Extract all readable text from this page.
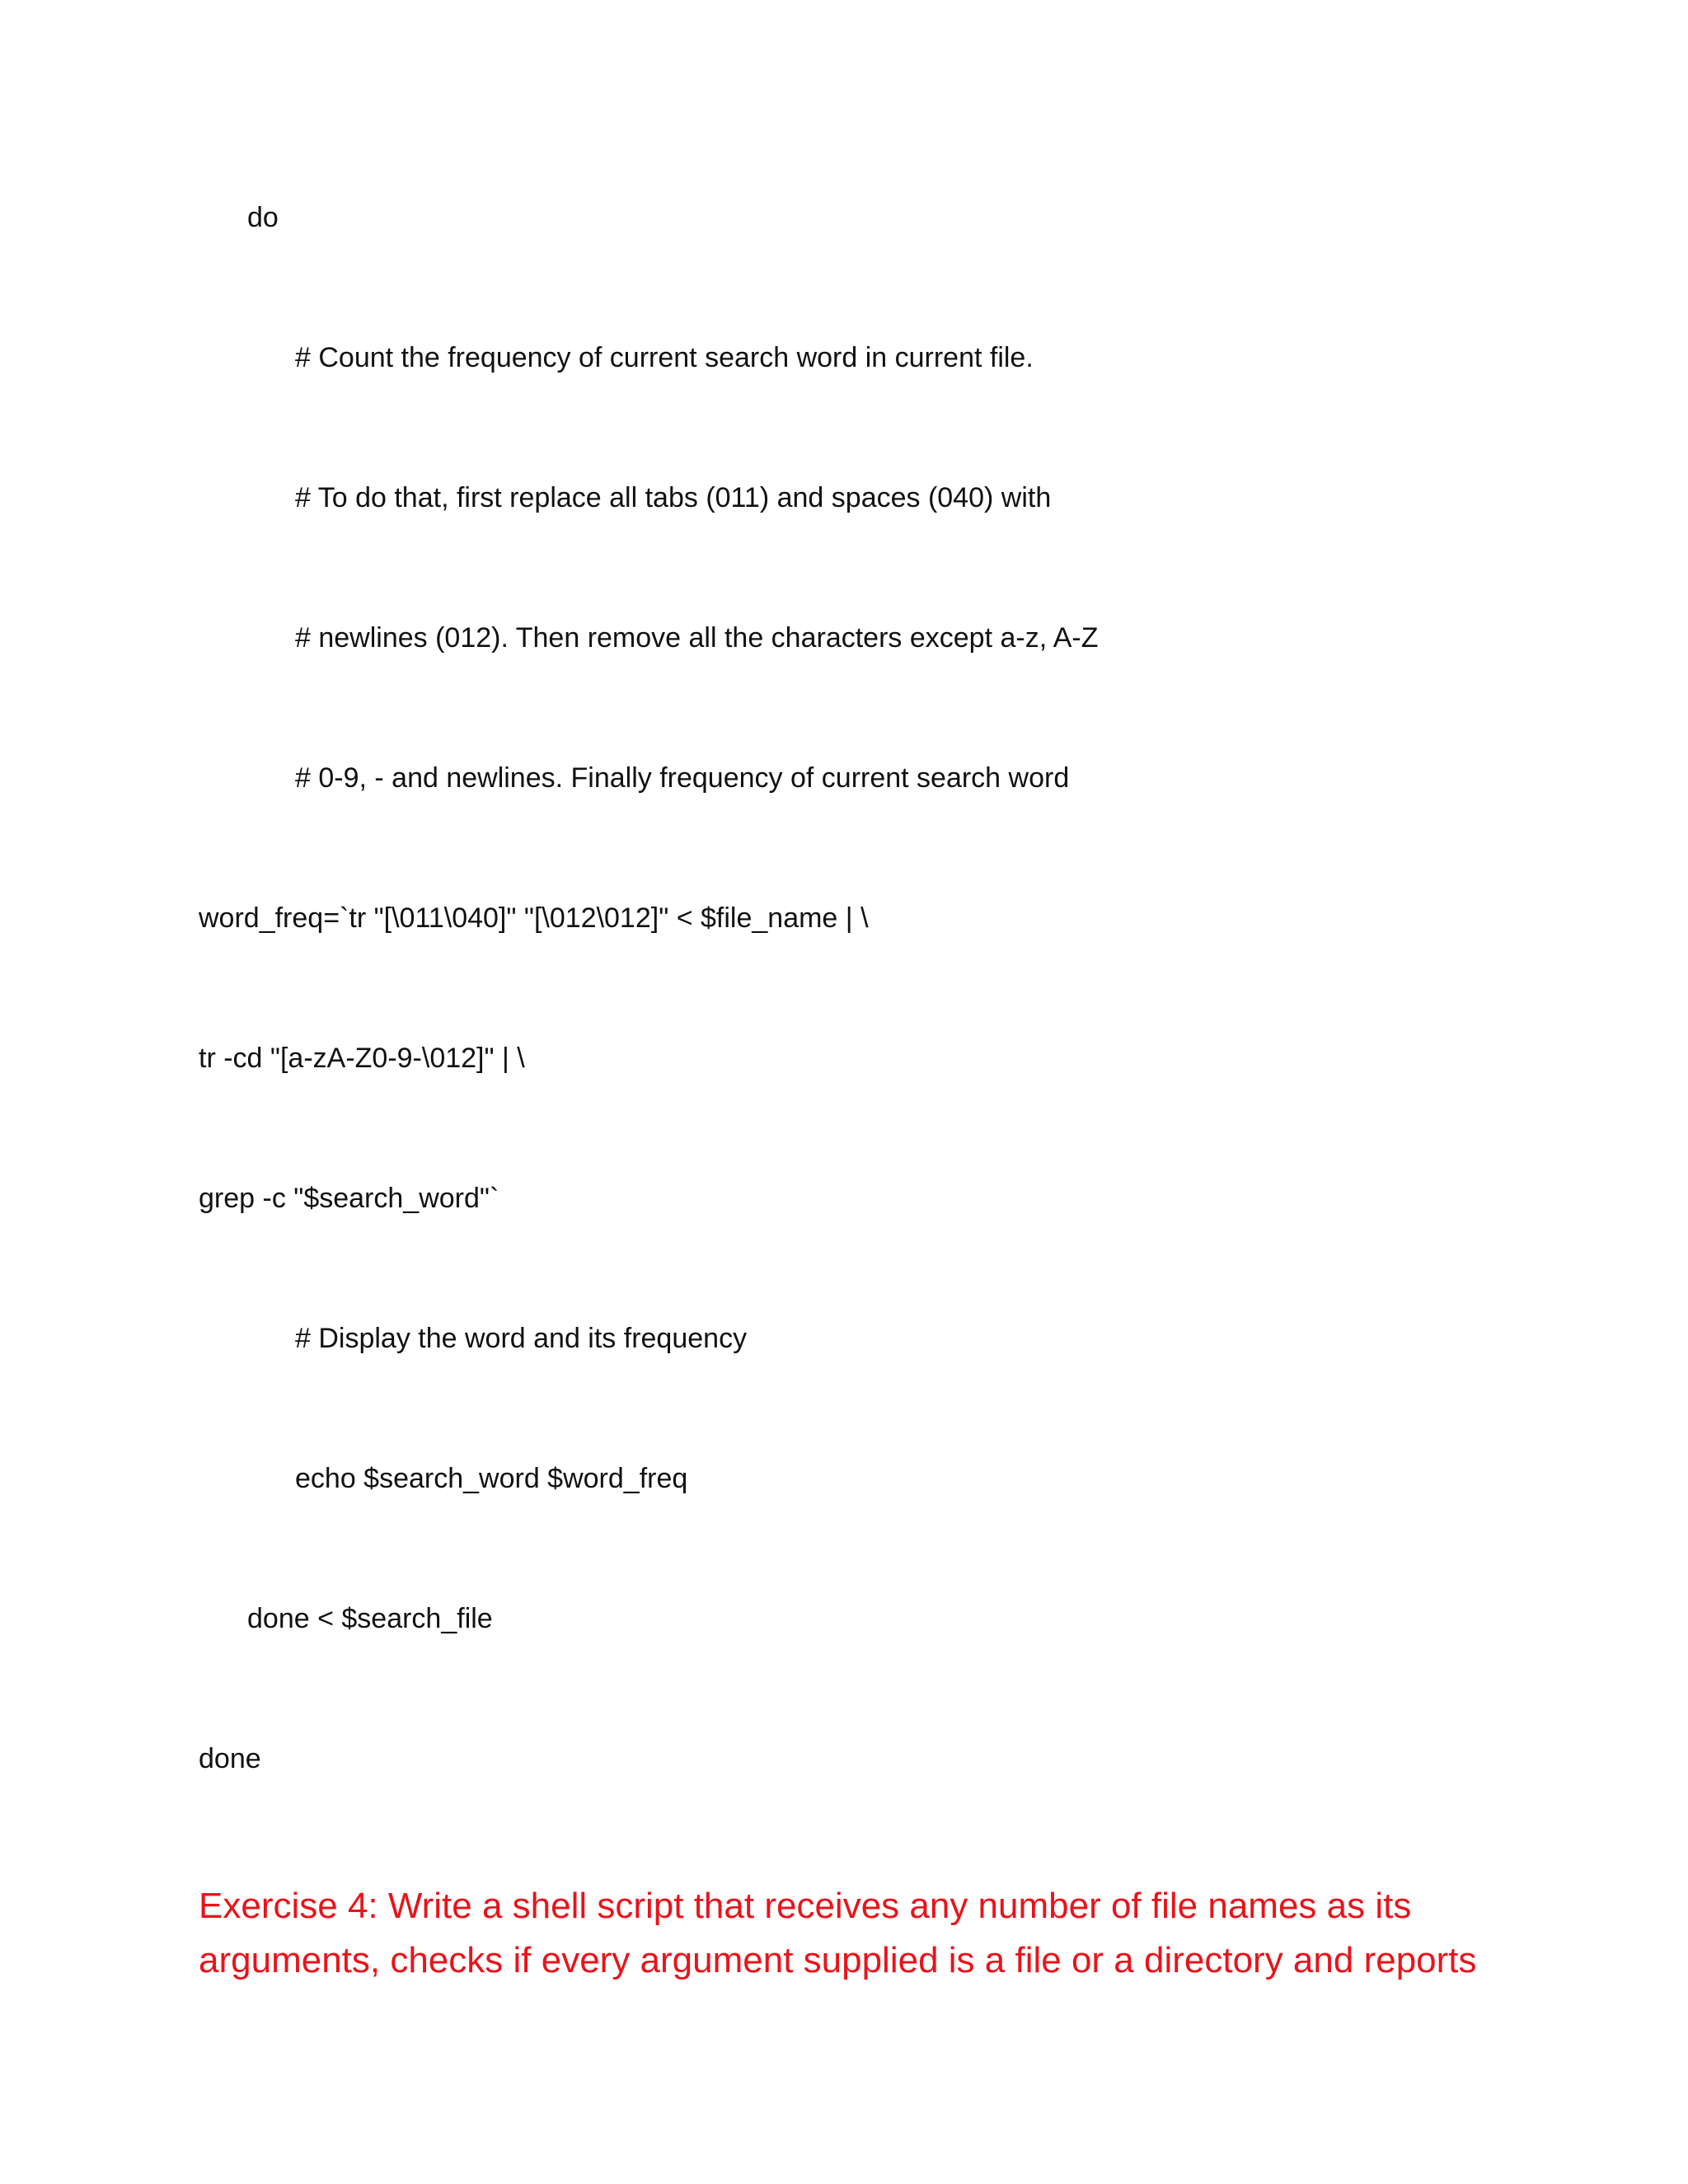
do
# Count the frequency of current search word in current file.
# To do that, first replace all tabs (011) and spaces (040) with
# newlines (012). Then remove all the characters except a-z, A-Z
# 0-9, - and newlines. Finally frequency of current search word
word_freq=`tr "[\011\040]" "[\012\012]" < $file_name | \
tr -cd "[a-zA-Z0-9-\012]" | \
grep -c "$search_word"`
# Display the word and its frequency
echo $search_word $word_freq
done < $search_file
done
Exercise 4: Write a shell script that receives any number of file names as its
arguments, checks if every argument supplied is a file or a directory and reports
